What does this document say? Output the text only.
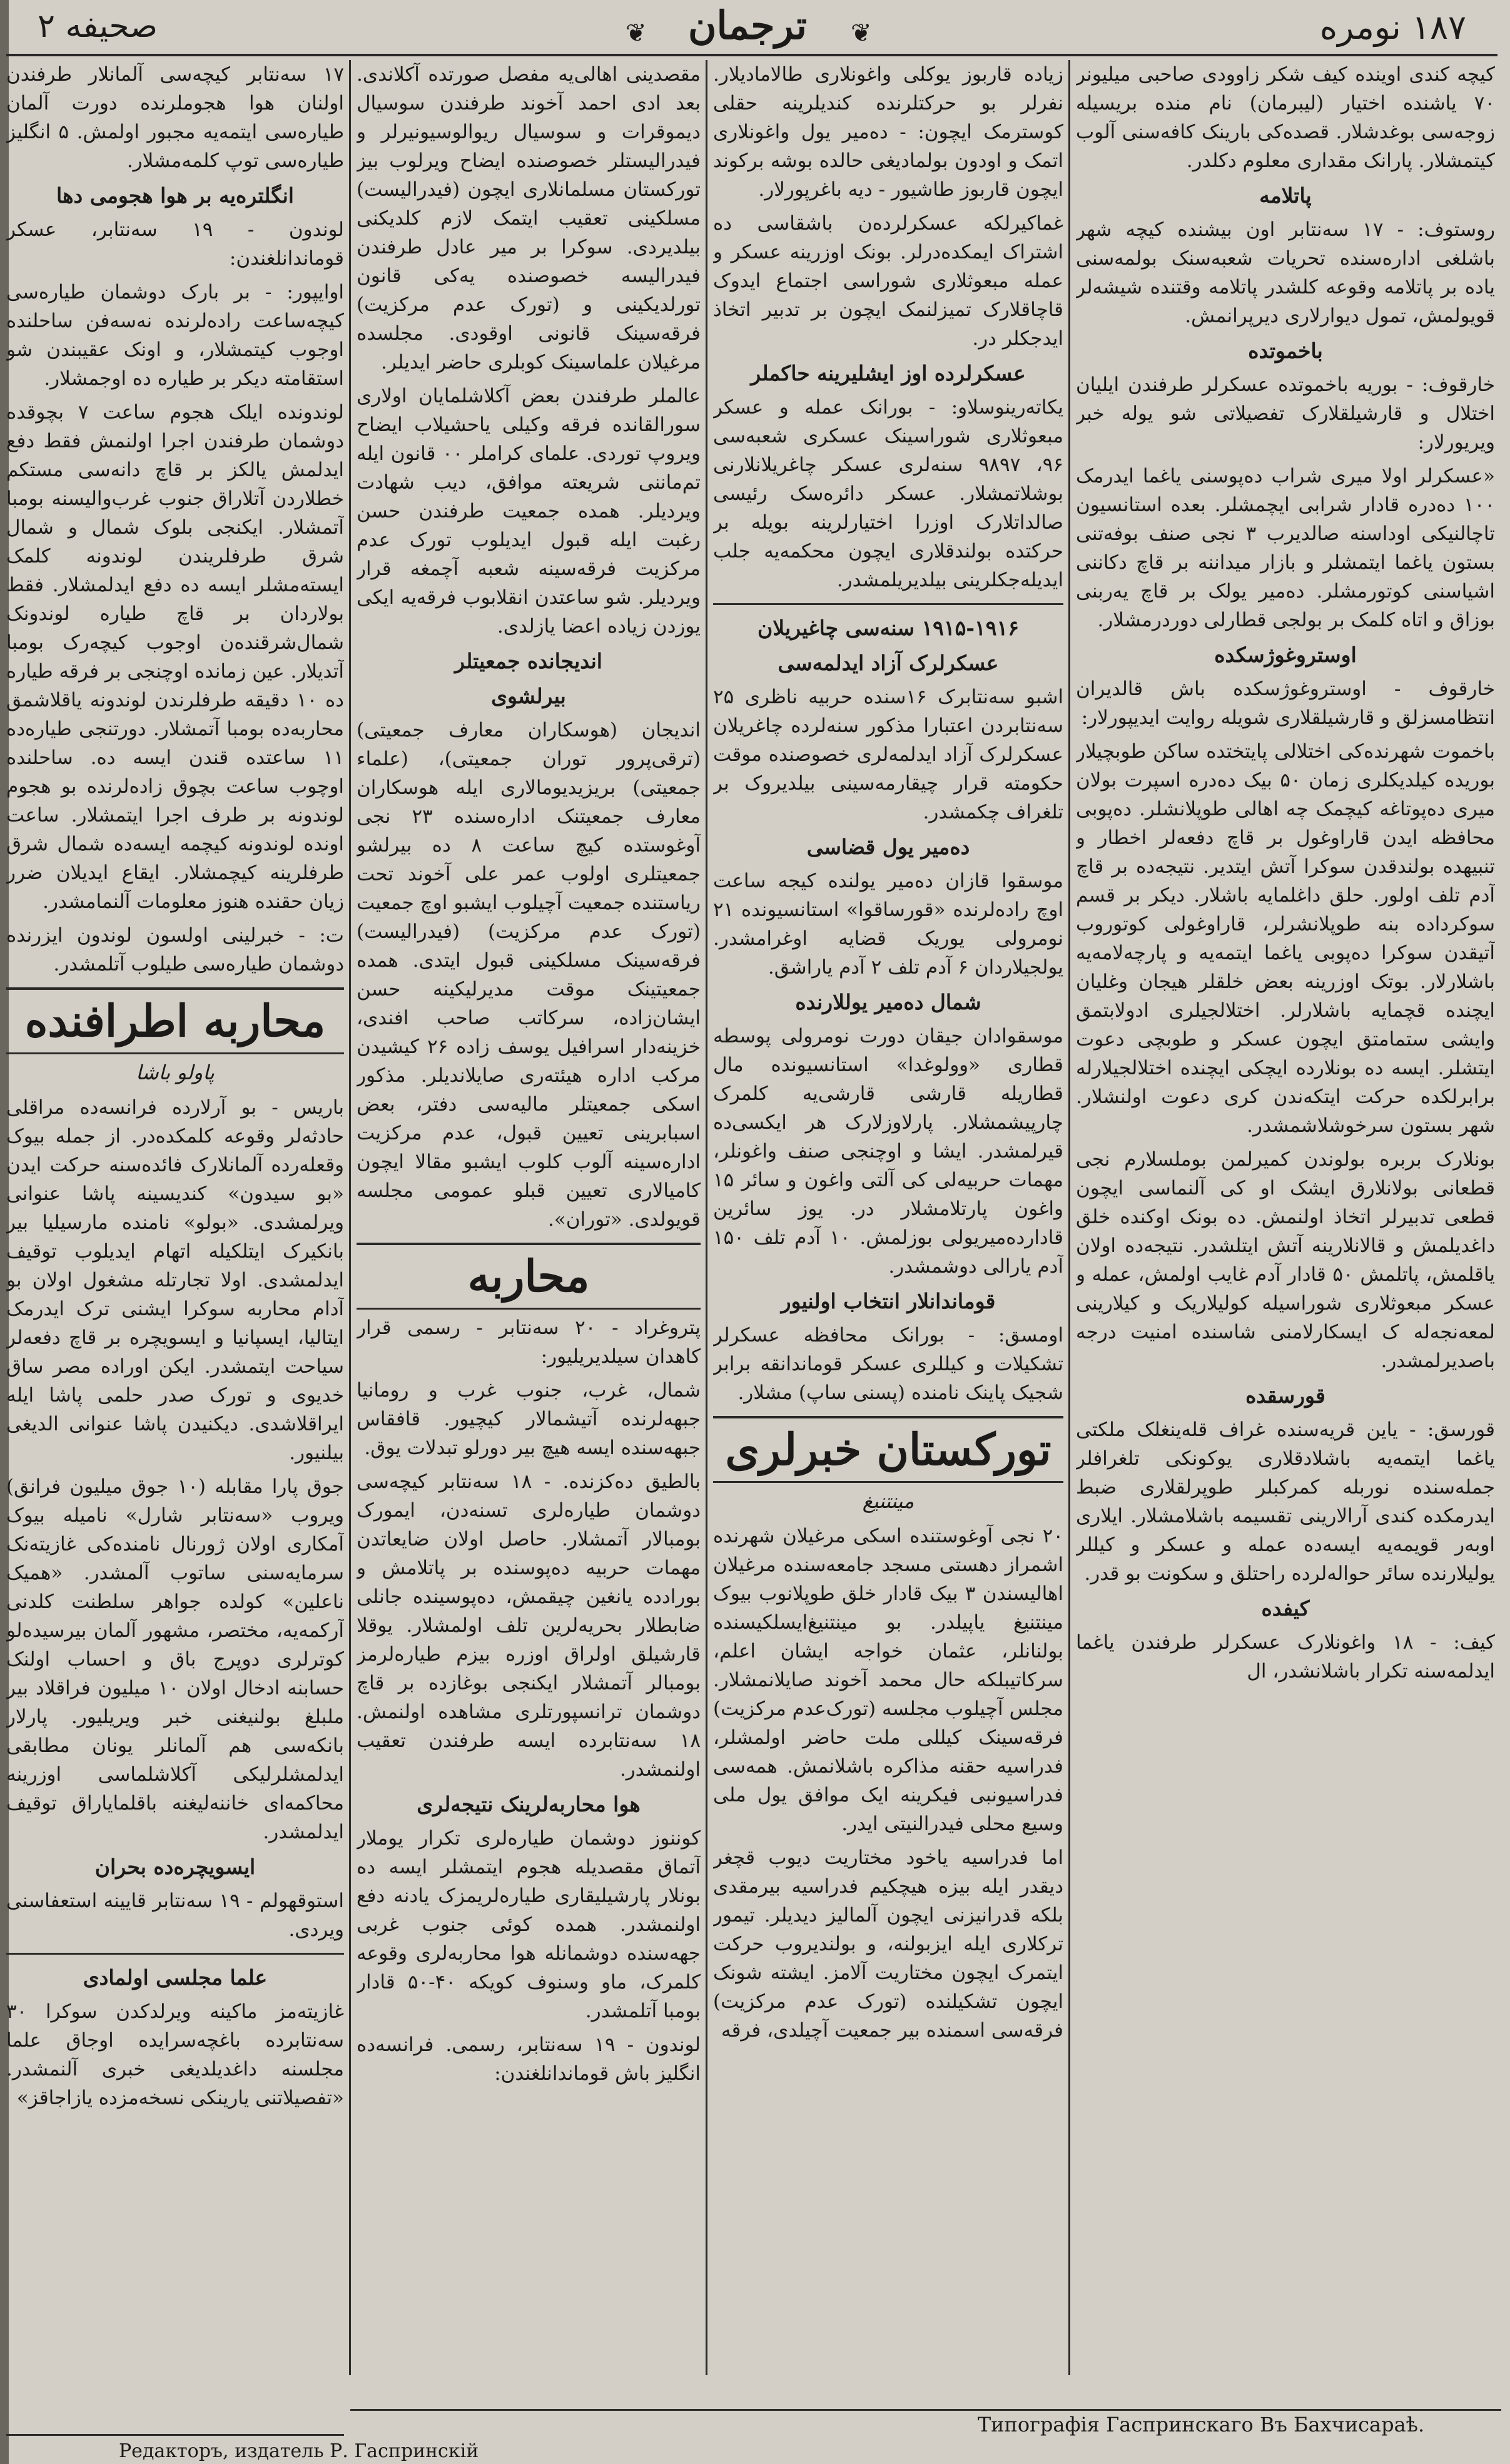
صحیفه ۲	❦	ترجمان	❦	۱۸۷ نومره

کیچه کندی اوینده کیف شکر زاوودی صاحبی میلیونر ۷۰ یاشنده اختیار (لیبرمان) نام منده بریسیله زوجه‌سی بوغدشلار. قصده‌کی بارینک کافه‌سنی آلوب کیتمشلار. پارانک مقداری معلوم دکلدر.

پاتلامه

روستوف: - ۱۷ سه‌نتابر اون بیشنده کیچه شهر باشلغی اداره‌سنده تحریات شعبه‌سنک بولمه‌سنی یاده بر پاتلامه وقوعه کلشدر پاتلامه وقتنده شیشه‌لر قویولمش، تمول دیوارلاری دیرپرانمش.

باخموتده

خارقوف: - بوریه باخموتده عسکرلر طرفندن ایلیان اختلال و قارشیلقلارک تفصیلاتی شو یوله خبر ویریورلار:

«عسکرلر اولا میری شراب ده‌پوسنی یاغما ایدرمک ۱۰۰ ده‌دره قادار شرابی ایچمشلر. بعده استانسیون تاچالنیکی اوداسنه صالدیرب ۳ نجی صنف بوفه‌تنی بستون یاغما ایتمشلر و بازار میداننه بر قاچ دکاننی اشیاسنی کوتورمشلر. ده‌میر یولک بر قاچ یه‌ربنی بوزاق و اتاه کلمک بر بولجی قطارلی دوردرمشلار.

اوستروغوژسکده

خارقوف - اوستروغوژسکده باش قالدیران انتظامسزلق و قارشیلقلاری شویله روایت ایدیپورلار:

باخموت شهرنده‌کی اختلالی پایتختده ساکن طوبچیلار بوریده کیلدیکلری زمان ۵۰ بیک ده‌دره اسپرت بولان میری ده‌پوتاغه کیچمک چه اهالی طوپلانشلر. ده‌پوبی محافظه ایدن قاراوغول بر قاچ دفعه‌لر اخطار و تنبیهده بولندقدن سوکرا آتش ایتدیر. نتیجه‌ده بر قاچ آدم تلف اولور. حلق داغلمایه باشلار. دیکر بر قسم سوکرداده بنه طوپلانشرلر، قاراوغولی کوتوروب آتیقدن سوکرا ده‌پوبی یاغما ایتمه‌یه و پارچه‌لامه‌یه باشلارلار. بوتک اوزرینه بعض خلقلر هیجان وغلیان ایچنده قچمایه باشلارلر. اختلالجیلری ادولابتمق وایشی ستمامتق ایچون عسکر و طوبچی دعوت ایتشلر. ایسه ده بونلارده ایچکی ایچنده اختلالجیلارله برابرلکده حرکت ایتکه‌ندن کری دعوت اولنشلار. شهر بستون سرخوشلاشمشدر.

بونلارک بربره بولوندن کمیرلمن بوملسلارم نجی قطعانی بولانلارق ایشک او کی آلنماسی ایچون قطعی تدبیرلر اتخاذ اولنمش. ده بونک اوکنده خلق داغدیلمش و قالانلارینه آتش ایتلشدر. نتیجه‌ده اولان یاقلمش، پاتلمش ۵۰ قادار آدم غایب اولمش، عمله و عسکر مبعوثلاری شوراسیله کولیلاریک و کیلارینی لمعه‌نجه‌له ک ایسکارلامنی شاسنده امنیت درجه باصدیرلمشدر.

قورسقده

قورسق: - یاین قریه‌سنده غراف قله‌ینغلک ملکتی یاغما ایتمه‌یه باشلادقلاری یوکونکی تلغرافلر جمله‌سنده نوربله کمرکبلر طوپرلقلاری ضبط ایدرمکده کندی آرالارینی تقسیمه باشلامشلار. ایلاری اوبه‌ر قویمه‌یه ایسه‌ده عمله و عسکر و کیللر یولیلارنده سائر حواله‌لرده راحتلق و سکونت بو قدر.

کیفده

کیف: - ۱۸ واغونلارک عسکرلر طرفندن یاغما ایدلمه‌سنه تکرار باشلانشدر، ال

زیاده قاربوز یوکلی واغونلاری طالامادیلار. نفرلر بو حرکتلرنده کندیلرینه حقلی کوسترمک ایچون: - ده‌میر یول واغونلاری اتمک و اودون بولمادیغی حالده بوشه برکوند ایچون قاربوز طاشیور - دیه باغرپورلار.

غماکیرلکه عسکرلرده‌ن باشقاسی ده اشتراک ایمکده‌در‌لر. بونک اوزرینه عسکر و عمله مبعوثلاری شوراسی اجتماع ایدوک قاچاقلارک تمیزلنمک ایچون بر تدبیر اتخاذ ایدجکلر در.

عسکرلرده اوز ایشلیرینه حاکملر

یکاته‌رینوسلاو: - بورانک عمله و عسکر مبعوثلاری شوراسینک عسکری شعبه‌سی ۹۶، ۹۸۹۷ سنه‌لری عسکر چاغریلانلارنی بوشلاتمشلار. عسکر دائره‌سک رئیسی صالداتلارک اوزرا اختیارلرینه بویله بر حرکتده بولندقلاری ایچون محکمه‌یه جلب ایدیله‌جکلرینی بیلدیریلمشدر.

۱۹۱۵-۱۹۱۶ سنه‌سی چاغیریلان
عسکرلرک آزاد ایدلمه‌سی

اشبو سه‌نتابرک ۱۶سنده حربیه ناظری ۲۵ سه‌نتابردن اعتبارا مذکور سنه‌لرده چاغریلان عسکرلرک آزاد ایدلمه‌لری خصوصنده موقت حکومته قرار چیقارمه‌سینی بیلدیروک بر تلغراف چکمشدر.

ده‌میر یول قضاسی

موسقوا قازان ده‌میر یولنده کیجه ساعت اوچ راده‌لرنده «قورساقوا» استانسیونده ۲۱ نومرولی یوریک قضایه اوغرامشدر. یولجیلاردان ۶ آدم تلف ۲ آدم یاراشق.

شمال ده‌میر یوللارنده

موسقوادان جیقان دورت نومرولی پوسطه قطاری «وولوغدا» استانسیونده مال قطاریله قارشی قارشی‌یه کلمرک چارپیشمشلار. پارلاوزلارک هر ایکسی‌ده قیرلمشدر. ایشا و اوچنجی صنف واغونلر، مهمات حربیه‌لی کی آلتی واغون و سائر ۱۵ واغون پارتلامشلار در. یوز سائرین قادارده‌میریولی بوزلمش. ۱۰ آدم تلف ۱۵۰ آدم یارالی دوشمشدر.

قوماندانلار انتخاب اولنیور

اومسق: - بورانک محافظه عسکرلر تشکیلات و کیللری عسکر قوماندانقه برابر شجیک پاینک نامنده (پسنی ساپ) مشلار.

تورکستان خبرلری
مینتنیغ

۲۰ نجی آوغوستنده اسکی مرغیلان شهرنده اشمراز دهستی مسجد جامعه‌سنده مرغیلان اهالیسندن ۳ بیک قادار خلق طوپلانوب بیوک مینتنیغ یاپیلدر. بو مینتنیغ‌ایسلکیسنده بولنانلر، عثمان خواجه ایشان اعلم، سرکاتیبلکه حال محمد آخوند صایلانمشلار. مجلس آچیلوب مجلسه (تورک‌عدم مرکزیت) فرقه‌سینک کیللی ملت حاضر اولمشلر، فدراسیه حقنه مذاکره باشلانمش. همه‌سی فدراسیونبی فیکرینه ایک موافق یول ملی وسیع محلی فیدرالنیتی ایدر.

اما فدراسیه یاخود مختاریت دیوب قچغر دیقدر ایله بیزه هیچکیم فدراسیه بیرمقدی بلکه قدرانیزنی ایچون آلمالیز دیدیلر. تیمور ترکلاری ایله ایزبولنه، و بولندیروب حرکت ایتمرک ایچون مختاریت آلامز. ایشته شونک ایچون تشکیلنده (تورک عدم مرکزیت) فرقه‌سی اسمنده بیر جمعیت آچیلدی، فرقه

مقصدینی اهالی‌یه مفصل صورتده آکلاندی. بعد ادی احمد آخوند طرفندن سوسیال دیموقرات و سوسیال ریوالوسیونیرلر و فیدرالیستلر خصوصنده ایضاح ویرلوب بیز تورکستان مسلمانلاری ایچون (فیدرالیست) مسلکینی تعقیب ایتمک لازم کلدیکنی بیلدیردی. سوکرا بر میر عادل طرفندن فیدرالیسه خصوصنده یه‌کی قانون تورلدیکینی و (تورک عدم مرکزیت) فرقه‌سینک قانونی اوقودی. مجلسده مرغیلان علماسینک کوبلری حاضر ایدیلر.

عالملر طرفندن بعض آکلاشلمایان اولاری سورالقانده فرقه وکیلی یاحشیلاب ایضاح ویروپ توردی. علمای کراملر ۰۰ قانون ایله تم‌ماننی شریعته موافق، دیب شهادت ویردیلر. همده جمعیت طرفندن حسن رغبت ایله قبول ایدیلوب تورک عدم مرکزیت فرقه‌سینه شعبه آچمغه قرار ویردیلر. شو ساعتدن انقلابوب فرقه‌یه ایکی یوزدن زیاده اعضا یازلدی.

اندیجانده جمعیتلر
بیرلشوی

اندیجان (هوسکاران معارف جمعیتی) (ترقی‌پرور توران جمعیتی)، (علماء جمعیتی) بریزیدیومالاری ایله هوسکاران معارف جمعیتنک اداره‌سنده ۲۳ نجی آوغوستده کیچ ساعت ۸ ده بیرلشو جمعیتلری اولوب عمر علی آخوند تحت ریاستنده جمعیت آچیلوب ایشبو اوچ جمعیت (تورک عدم مرکزیت) (فیدرالیست) فرقه‌سینک مسلکینی قبول ایتدی. همده جمعیتینک موقت مدیرلیکینه حسن ایشان‌زاده، سرکاتب صاحب افندی، خزینه‌دار اسرافیل یوسف زاده ۲۶ کیشیدن مرکب اداره هیئته‌ری صایلاندیلر. مذکور اسکی جمعیتلر مالیه‌سی دفتر، بعض اسبابرینی تعیین قبول، عدم مرکزیت اداره‌سینه آلوب کلوب ایشبو مقالا ایچون کامیالاری تعیین قبلو عمومی مجلسه قویولدی. «توران».

محاربه

پتروغراد - ۲۰ سه‌نتابر - رسمی قرار کاهدان سیلدیریلیور:

شمال، غرب، جنوب غرب و رومانیا جبهه‌لرنده آتیشمالار کیچیور. قافقاس جبهه‌سنده ایسه هیچ بیر دورلو تبدلات یوق.

بالطیق ده‌کزنده. - ۱۸ سه‌نتابر کیچه‌سی دوشمان طیاره‌لری تسنه‌دن، ایمورک بومبالار آتمشلار. حاصل اولان ضایعاتدن مهمات حربیه ده‌پوسنده بر پاتلامش و بورادده یانغین چیقمش، ده‌پوسینده جانلی ضابطلار بحریه‌لرین تلف اولمشلار. یوقلا قارشیلق اولراق اوزره بیزم طیاره‌لرمز بومبالر آتمشلار ایکنجی بوغازده بر قاچ دوشمان ترانسپورتلری مشاهده اولنمش. ۱۸ سه‌نتابرده ایسه طرفندن تعقیب اولنمشدر.

هوا محاربه‌لرینک نتیجه‌لری

کوننوز دوشمان طیاره‌لری تکرار یوملار آتماق مقصدیله هجوم ایتمشلر ایسه ده بونلار پارشیلیقاری طیاره‌لریمزک یادنه دفع اولنمشدر. همده کوئی جنوب غربی جهه‌سنده دوشمانله هوا محاربه‌لری وقوعه کلمرک، ماو وسنوف کویکه ۴۰-۵۰ قادار بومبا آتلمشدر.

لوندون - ۱۹ سه‌نتابر، رسمی. فرانسه‌ده انگلیز باش قوماندانلغندن:

۱۷ سه‌نتابر کیچه‌سی آلمانلار طرفندن اولنان هوا هجوملرنده دورت آلمان طیاره‌سی ایتمه‌یه مجبور اولمش. ۵ انگلیز طیاره‌سی توپ کلمه‌مشلار.

انگلتره‌یه بر هوا هجومی دها

لوندون - ۱۹ سه‌نتابر، عسکر قوماندانلغندن:

اوایپور: - بر بارک دوشمان طیاره‌سی کیچه‌ساعت راده‌لرنده نه‌سه‌فن ساحلنده اوجوب کیتمشلار، و اونک عقیبندن شو استقامته دیکر بر طیاره ده اوجمشلار.

لوندونده ایلک هجوم ساعت ۷ بچوقده دوشمان طرفندن اجرا اولنمش فقط دفع ایدلمش یالکز بر قاچ دانه‌سی مستکم خطلاردن آتلاراق جنوب غرب‌والیسنه بومبا آتمشلار. ایکنجی بلوک شمال و شمال شرق طرفلریندن لوندونه کلمک ایسته‌مشلر ایسه ده دفع ایدلمشلار. فقط بولاردان بر قاچ طیاره لوندونک شمال‌شرقنده‌ن اوجوب کیچه‌رک بومبا آتدیلار. عین زمانده اوچنجی بر فرقه طیاره ده ۱۰ دقیقه طرفلرندن لوندونه یاقلاشمق محاربه‌ده بومبا آتمشلار. دورتنجی طیاره‌ده ۱۱ ساعتده قندن ایسه ده. ساحلنده اوچوب ساعت بچوق زاده‌لرنده بو هجوم لوندونه بر طرف اجرا ایتمشلار. ساعت اونده لوندونه کیچمه ایسه‌ده شمال شرق طرفلرینه کیچمشلار. ایقاع ایدیلان ضرر زیان حقنده هنوز معلومات آلنمامشدر.

ت: - خبرلینی اولسون لوندون ایزرنده دوشمان طیاره‌سی طیلوب آتلمشدر.

محاربه اطرافنده
پاولو باشا

باریس - بو آرلارده فرانسه‌ده مراقلی حادثه‌لر وقوعه کلمکده‌در. از جمله بیوک وقعله‌رده آلمانلارک فائده‌سنه حرکت ایدن «بو سیدون» کندیسینه پاشا عنوانی ویرلمشدی. «بولو» نامنده مارسیلیا بیر بانکیرک ایتلکیله اتهام ایدیلوب توقیف ایدلمشدی. اولا تجارتله مشغول اولان بو آدام محاربه سوکرا ایشنی ترک ایدرمک ایتالیا، ایسپانیا و ایسویچره بر قاچ دفعه‌لر سیاحت ایتمشدر. ایکن اوراده مصر ساق خدیوی و تورک صدر حلمی پاشا ایله ایراقلاشدی. دیکنیدن پاشا عنوانی الدیغی بیلنیور.

جوق پارا مقابله (۱۰ جوق میلیون فرانق) ویروب «سه‌نتابر شارل» نامیله بیوک آمکاری اولان ژورنال نامنده‌کی غازیته‌نک سرمایه‌سنی ساتوب آلمشدر. «همیک ناعلین» کولده جواهر سلطنت کلدنی آرکمه‌یه، مختصر، مشهور آلمان بیرسیده‌لو کوترلری دوپرج باق و احساب اولنک حسابنه ادخال اولان ۱۰ میلیون فراقلاد بیر ملبلغ بولنیغنی خبر ویریلیور. پارلار بانکه‌سی هم آلمانلر یونان مطابقی ایدلمشلرلیکی آکلاشلماسی اوزرینه محاکمه‌ای خاننه‌لیغنه باقلمایاراق توقیف ایدلمشدر.

ایسویچره‌ده بحران

استوقهولم - ۱۹ سه‌نتابر قایینه استعفاسنی ویردی.

علما مجلسی اولمادی

غازیته‌مز ماکینه ویرلدکدن سوکرا ۳۰ سه‌نتابرده باغچه‌سرایده اوجاق علما مجلسنه داغدیلدیغی خبری آلنمشدر. «تفصیلاتنی یارینکی نسخه‌مزده یازاجاقز»

Типографія Гаспринскаго Въ Бахчисараѣ.
Редакторъ, издатель Р. Гаспринскій
